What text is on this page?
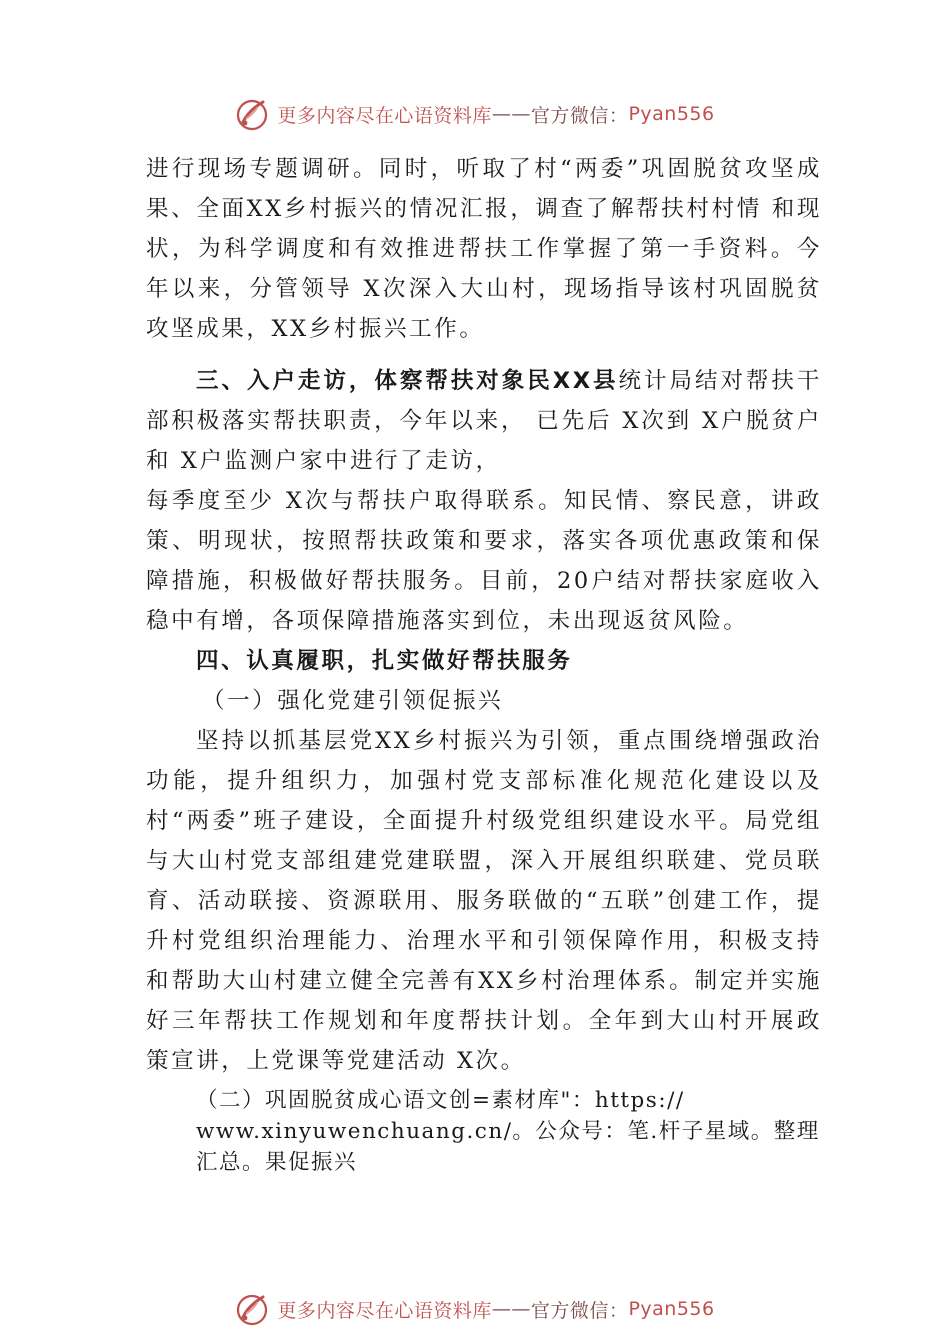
更多内容尽在心语资料库 —— 官方微信： Pyan556

进行现场专题调研。同时，听取了村“两委”巩固脱贫攻坚成果、全面XX乡村振兴的情况汇报，调查了解帮扶村村情 和现状，为科学调度和有效推进帮扶工作掌握了第一手资料。今年以来，分管领导 X次深入大山村，现场指导该村巩固脱贫攻坚成果，XX乡村振兴工作。

三、入户走访，体察帮扶对象民XX县统计局结对帮扶干部积极落实帮扶职责，今年以来， 已先后 X次到 X户脱贫户和 X户监测户家中进行了走访，

每季度至少 X次与帮扶户取得联系。知民情、察民意，讲政策、明现状，按照帮扶政策和要求，落实各项优惠政策和保障措施，积极做好帮扶服务。目前，20户结对帮扶家庭收入稳中有增，各项保障措施落实到位，未出现返贫风险。

四、认真履职，扎实做好帮扶服务

（一）强化党建引领促振兴

坚持以抓基层党XX乡村振兴为引领，重点围绕增强政治功能，提升组织力，加强村党支部标准化规范化建设以及村“两委”班子建设，全面提升村级党组织建设水平。局党组与大山村党支部组建党建联盟，深入开展组织联建、党员联育、活动联接、资源联用、服务联做的“五联”创建工作，提升村党组织治理能力、治理水平和引领保障作用，积极支持和帮助大山村建立健全完善有XX乡村治理体系。制定并实施好三年帮扶工作规划和年度帮扶计划。全年到大山村开展政策宣讲，上党课等党建活动 X次。

（二）巩固脱贫成心语文创=素材库"：https:// www.xinyuwenchuang.cn/。公众号：笔.杆子星域。整理汇总。果促振兴

更多内容尽在心语资料库 —— 官方微信： Pyan556
